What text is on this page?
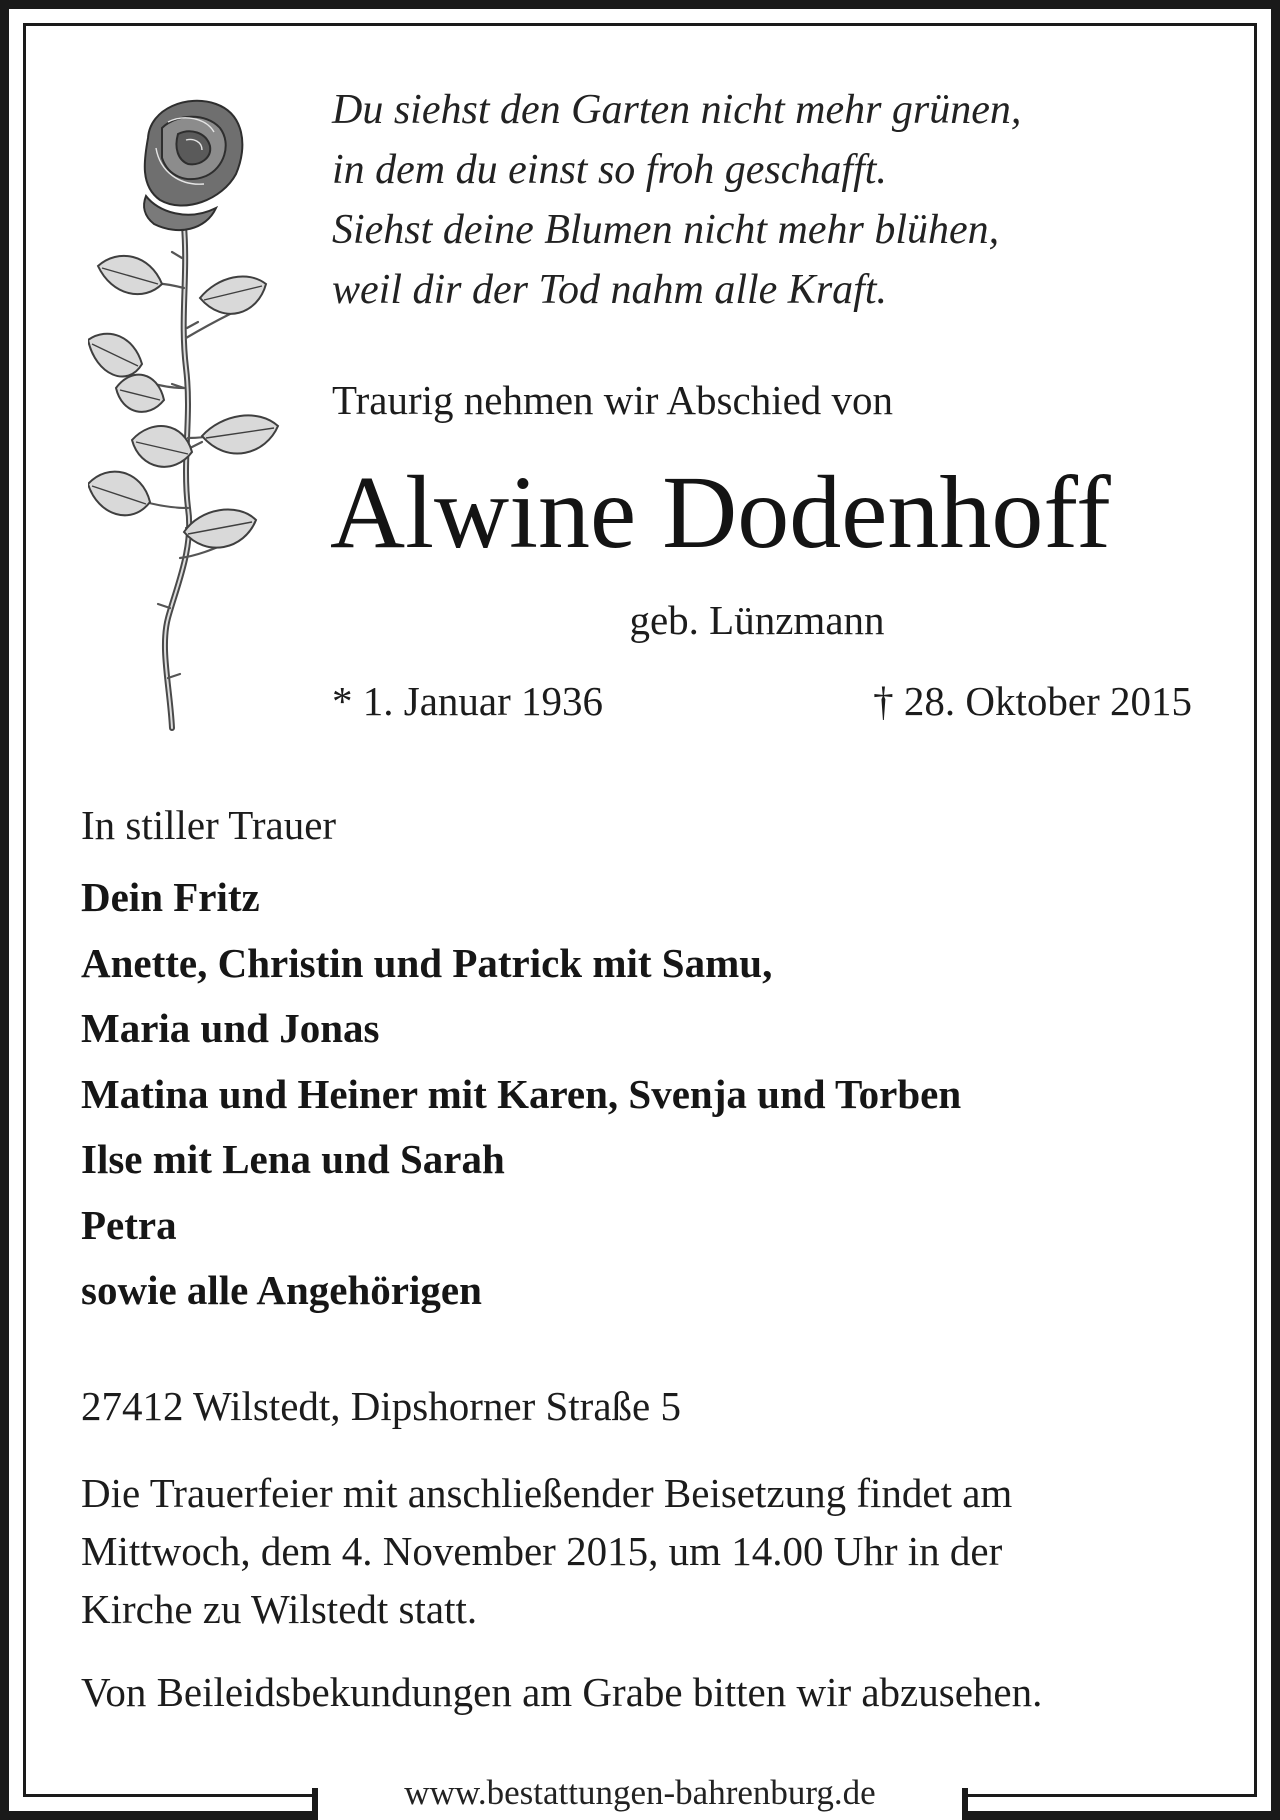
Du siehst den Garten nicht mehr grünen,
in dem du einst so froh geschafft.
Siehst deine Blumen nicht mehr blühen,
weil dir der Tod nahm alle Kraft.
Traurig nehmen wir Abschied von
Alwine Dodenhoff
geb. Lünzmann
* 1. Januar 1936	† 28. Oktober 2015
In stiller Trauer
Dein Fritz
Anette, Christin und Patrick mit Samu,
Maria und Jonas
Matina und Heiner mit Karen, Svenja und Torben
Ilse mit Lena und Sarah
Petra
sowie alle Angehörigen
27412 Wilstedt, Dipshorner Straße 5
Die Trauerfeier mit anschließender Beisetzung findet am
Mittwoch, dem 4. November 2015, um 14.00 Uhr in der
Kirche zu Wilstedt statt.
Von Beileidsbekundungen am Grabe bitten wir abzusehen.
www.bestattungen-bahrenburg.de
